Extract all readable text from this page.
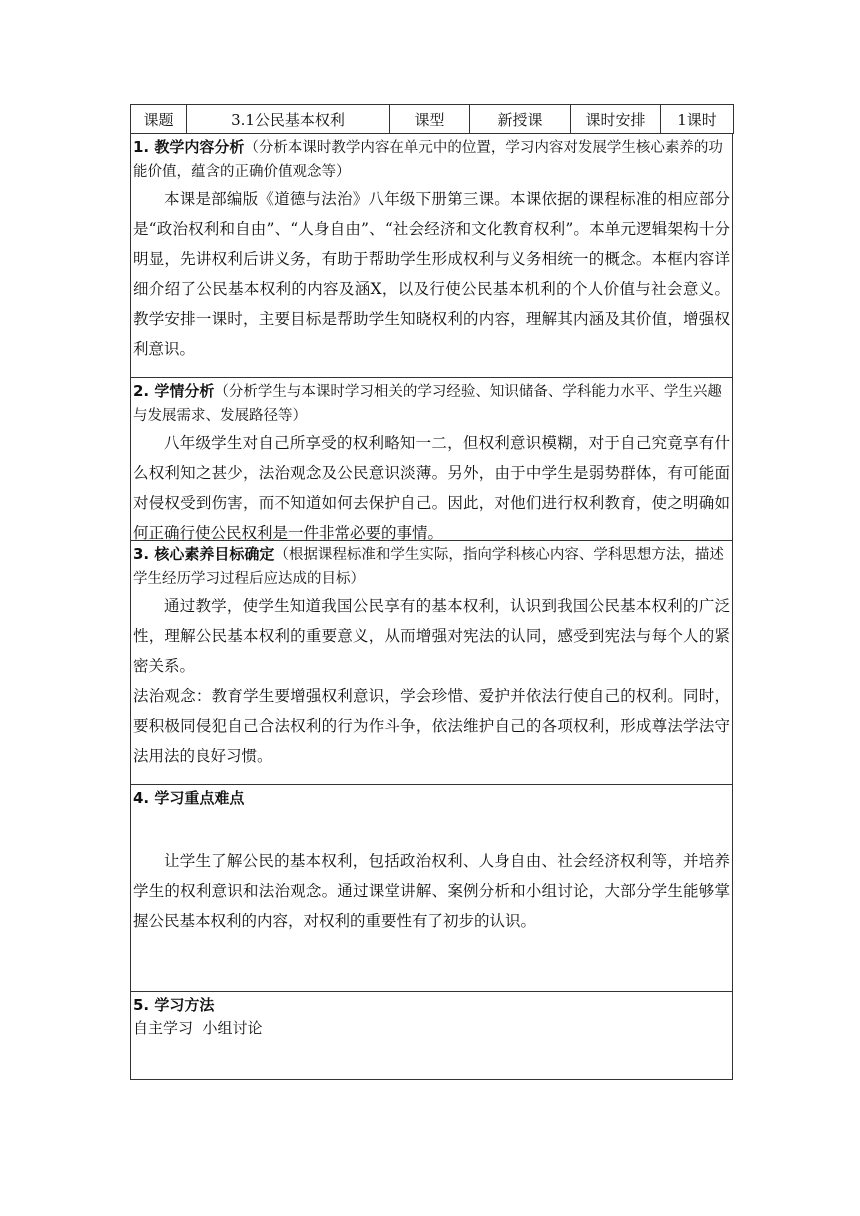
课题	3.1公民基本权利	课型	新授课	课时安排	1课时
1. 教学内容分析（分析本课时教学内容在单元中的位置，学习内容对发展学生核心素养的功能价值，蕴含的正确价值观念等）

本课是部编版《道德与法治》八年级下册第三课。本课依据的课程标准的相应部分是“政治权利和自由”、“人身自由”、“社会经济和文化教育权利”。本单元逻辑架构十分明显，先讲权利后讲义务，有助于帮助学生形成权利与义务相统一的概念。本框内容详细介绍了公民基本权利的内容及涵X，以及行使公民基本机利的个人价值与社会意义。教学安排一课时，主要目标是帮助学生知晓权利的内容，理解其内涵及其价值，增强权利意识。

2. 学情分析（分析学生与本课时学习相关的学习经验、知识储备、学科能力水平、学生兴趣与发展需求、发展路径等）

八年级学生对自己所享受的权利略知一二，但权利意识模糊，对于自己究竟享有什么权利知之甚少，法治观念及公民意识淡薄。另外，由于中学生是弱势群体，有可能面对侵权受到伤害，而不知道如何去保护自己。因此，对他们进行权利教育，使之明确如何正确行使公民权利是一件非常必要的事情。

3. 核心素养目标确定（根据课程标准和学生实际，指向学科核心内容、学科思想方法，描述学生经历学习过程后应达成的目标）

通过教学，使学生知道我国公民享有的基本权利，认识到我国公民基本权利的广泛性，理解公民基本权利的重要意义，从而增强对宪法的认同，感受到宪法与每个人的紧密关系。

法治观念：教育学生要增强权利意识，学会珍惜、爱护并依法行使自己的权利。同时，要积极同侵犯自己合法权利的行为作斗争，依法维护自己的各项权利，形成尊法学法守法用法的良好习惯。

4. 学习重点难点

让学生了解公民的基本权利，包括政治权利、人身自由、社会经济权利等，并培养学生的权利意识和法治观念。通过课堂讲解、案例分析和小组讨论，大部分学生能够掌握公民基本权利的内容，对权利的重要性有了初步的认识。

5. 学习方法
自主学习  小组讨论
